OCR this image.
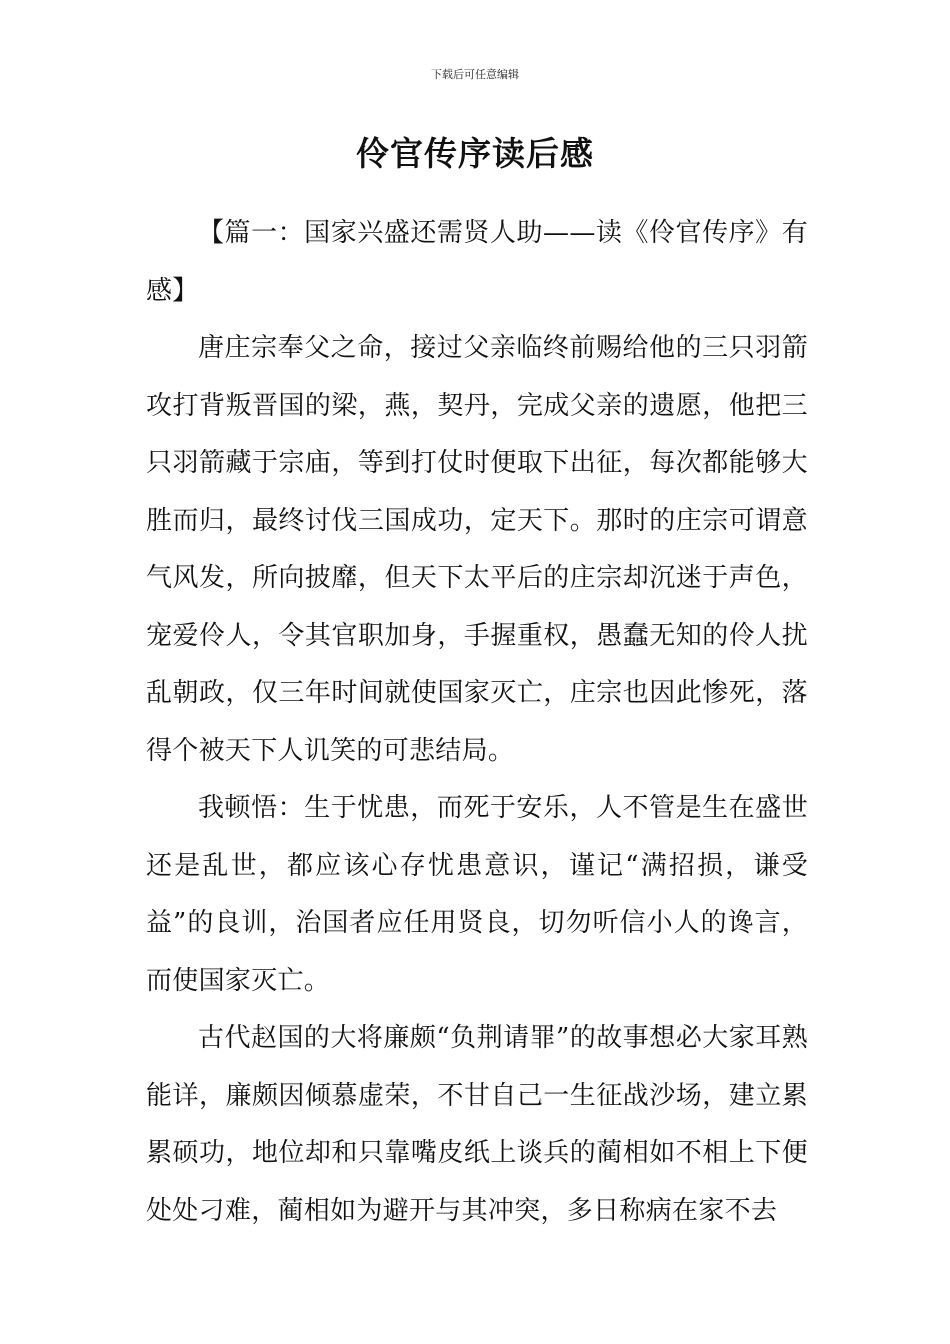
下载后可任意编辑
伶官传序读后感

【篇一：国家兴盛还需贤人助——读《伶官传序》有感】

唐庄宗奉父之命，接过父亲临终前赐给他的三只羽箭攻打背叛晋国的梁，燕，契丹，完成父亲的遗愿，他把三只羽箭藏于宗庙，等到打仗时便取下出征，每次都能够大胜而归，最终讨伐三国成功，定天下。那时的庄宗可谓意气风发，所向披靡，但天下太平后的庄宗却沉迷于声色，宠爱伶人，令其官职加身，手握重权，愚蠢无知的伶人扰乱朝政，仅三年时间就使国家灭亡，庄宗也因此惨死，落得个被天下人讥笑的可悲结局。

我顿悟：生于忧患，而死于安乐，人不管是生在盛世还是乱世，都应该心存忧患意识，谨记“满招损，谦受益”的良训，治国者应任用贤良，切勿听信小人的谗言，而使国家灭亡。

古代赵国的大将廉颇“负荆请罪”的故事想必大家耳熟能详，廉颇因倾慕虚荣，不甘自己一生征战沙场，建立累累硕功，地位却和只靠嘴皮纸上谈兵的蔺相如不相上下便处处刁难，蔺相如为避开与其冲突，多日称病在家不去
